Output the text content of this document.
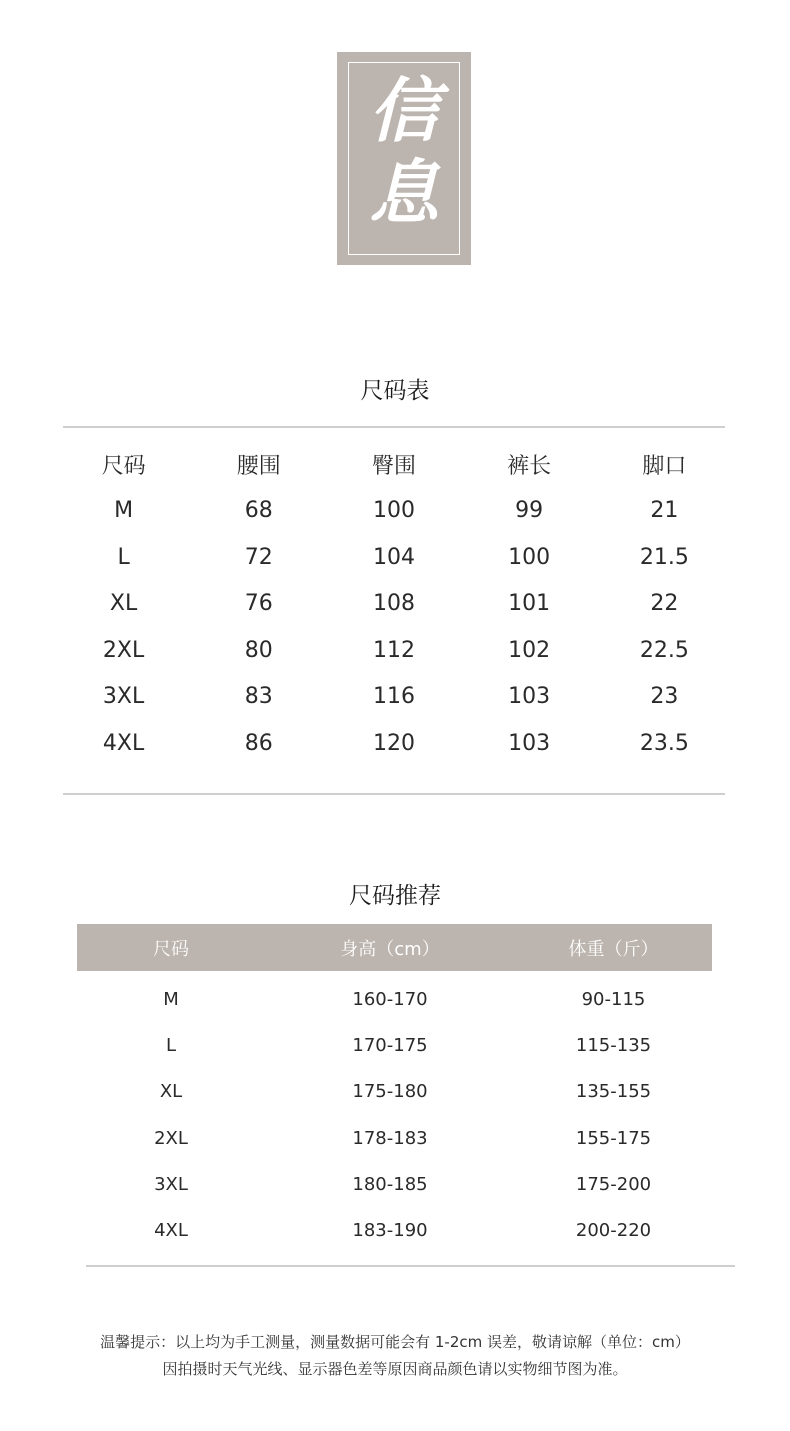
信
息
尺码表
尺码	腰围	臀围	裤长	脚口
M	68	100	99	21
L	72	104	100	21.5
XL	76	108	101	22
2XL	80	112	102	22.5
3XL	83	116	103	23
4XL	86	120	103	23.5
尺码推荐
尺码	身高（cm）	体重（斤）
M	160-170	90-115
L	170-175	115-135
XL	175-180	135-155
2XL	178-183	155-175
3XL	180-185	175-200
4XL	183-190	200-220
温馨提示：以上均为手工测量，测量数据可能会有 1-2cm 误差，敬请谅解（单位：cm）
因拍摄时天气光线、显示器色差等原因商品颜色请以实物细节图为准。
